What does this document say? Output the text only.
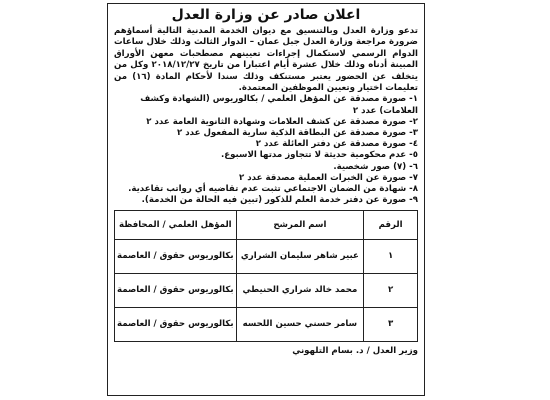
اعلان صادر عن وزارة العدل

تدعو وزارة العدل وبالتنسيق مع ديوان الخدمة المدنية التالية أسماؤهم ضرورة مراجعة وزارة العدل جبل عمان – الدوار الثالث وذلك خلال ساعات الدوام الرسمي لاستكمال إجراءات تعيينهم مصطحبات معهن الأوراق المبينة أدناه وذلك خلال عشرة أيام اعتبارا من تاريخ ٢٠١٨/١٢/٢٧ وكل من يتخلف عن الحضور يعتبر مستنكف وذلك سندا لأحكام المادة (١٦) من تعليمات اختيار وتعيين الموظفين المعتمدة.

١- صورة مصدقة عن المؤهل العلمي / بكالوريوس (الشهادة وكشف العلامات) عدد ٢
٢- صورة مصدقة عن كشف العلامات وشهادة الثانوية العامة عدد ٢
٣- صورة مصدقة عن البطاقة الذكية سارية المفعول عدد ٢
٤- صورة مصدقة عن دفتر العائلة عدد ٢
٥- عدم محكومية حديثة لا تتجاوز مدتها الاسبوع.
٦- (٧) صور شخصية.
٧- صورة عن الخبرات العملية مصدقة عدد ٢
٨- شهادة من الضمان الاجتماعي تثبت عدم تقاضيه أي رواتب تقاعدية.
٩- صورة عن دفتر خدمة العلم للذكور (تبين فيه الحالة من الخدمة).
الرقم	اسم المرشح	المؤهل العلمي / المحافظة
١	عبير شاهر سليمان الشراري	بكالوريوس حقوق / العاصمة
٢	محمد خالد شراري الحنيطي	بكالوريوس حقوق / العاصمة
٣	سامر حسني حسين اللحسه	بكالوريوس حقوق / العاصمة
وزير العدل / د. بسام التلهوني
